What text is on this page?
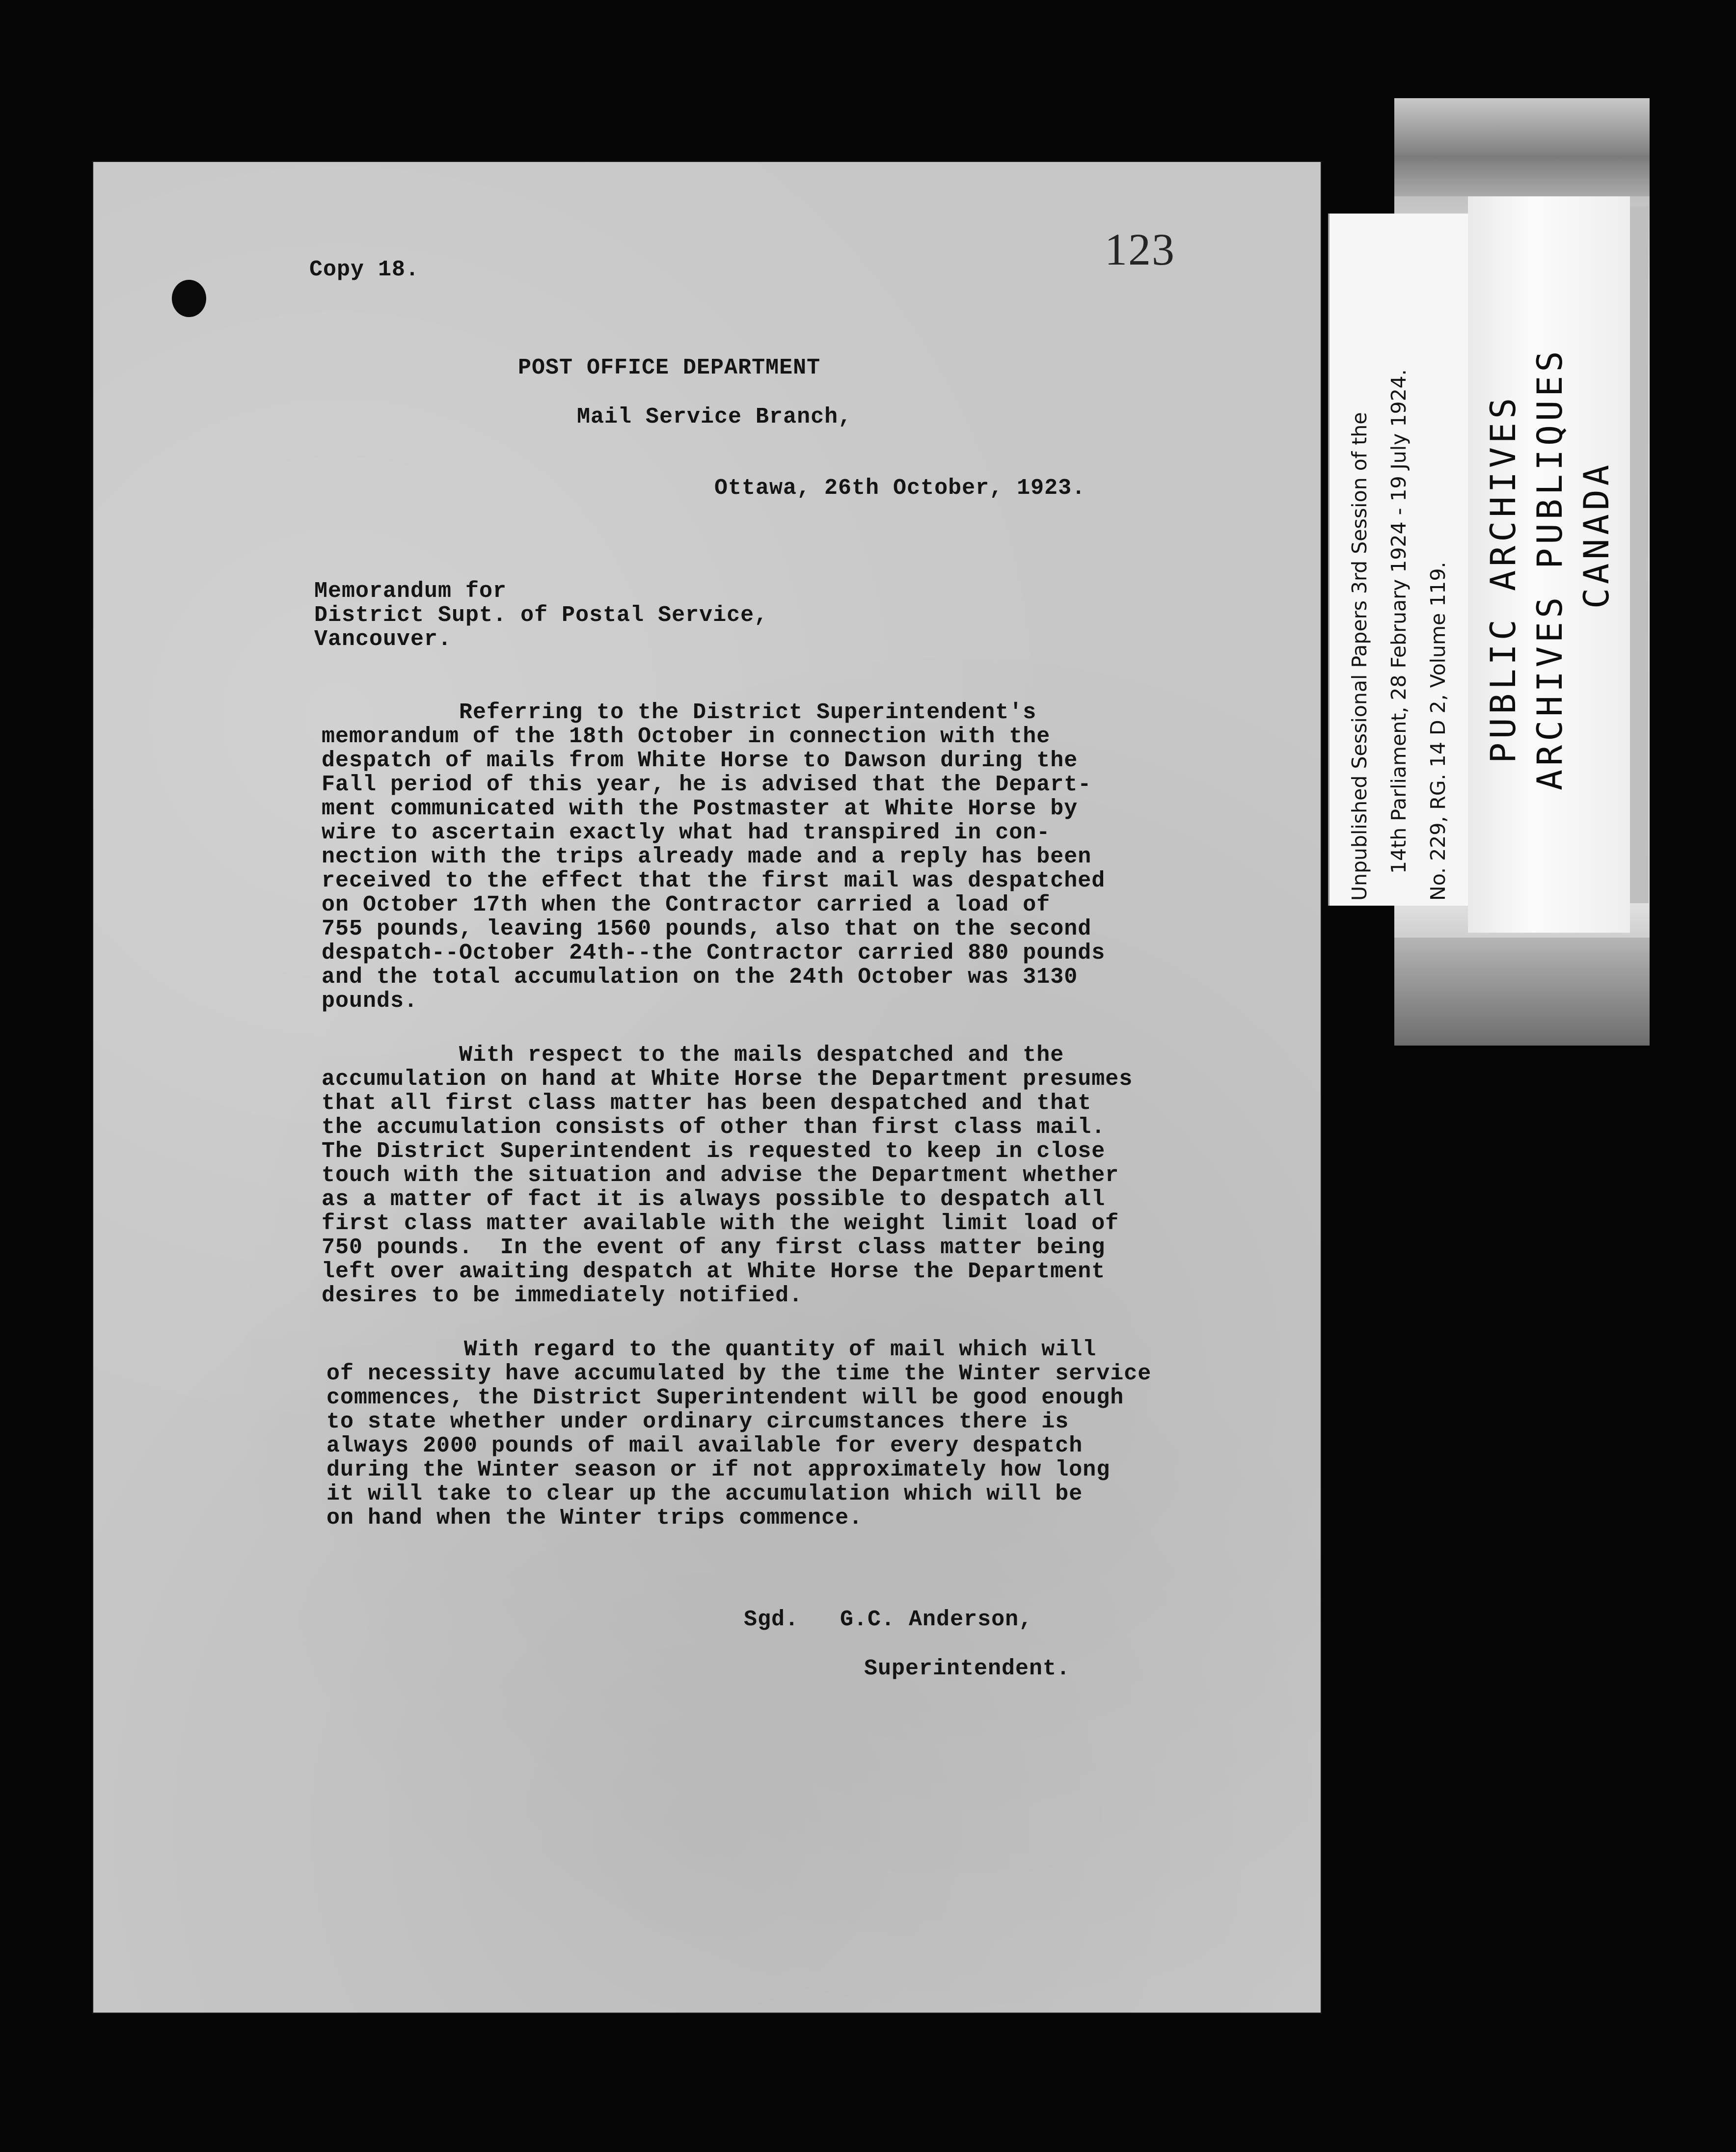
Copy 18.	123
POST OFFICE DEPARTMENT
Mail Service Branch,
Ottawa, 26th October, 1923.
Memorandum for
District Supt. of Postal Service,
Vancouver.
Referring to the District Superintendent's
memorandum of the 18th October in connection with the
despatch of mails from White Horse to Dawson during the
Fall period of this year, he is advised that the Depart-
ment communicated with the Postmaster at White Horse by
wire to ascertain exactly what had transpired in con-
nection with the trips already made and a reply has been
received to the effect that the first mail was despatched
on October 17th when the Contractor carried a load of
755 pounds, leaving 1560 pounds, also that on the second
despatch--October 24th--the Contractor carried 880 pounds
and the total accumulation on the 24th October was 3130
pounds.
With respect to the mails despatched and the
accumulation on hand at White Horse the Department presumes
that all first class matter has been despatched and that
the accumulation consists of other than first class mail.
The District Superintendent is requested to keep in close
touch with the situation and advise the Department whether
as a matter of fact it is always possible to despatch all
first class matter available with the weight limit load of
750 pounds.  In the event of any first class matter being
left over awaiting despatch at White Horse the Department
desires to be immediately notified.
With regard to the quantity of mail which will
of necessity have accumulated by the time the Winter service
commences, the District Superintendent will be good enough
to state whether under ordinary circumstances there is
always 2000 pounds of mail available for every despatch
during the Winter season or if not approximately how long
it will take to clear up the accumulation which will be
on hand when the Winter trips commence.
Sgd.   G.C. Anderson,
Superintendent.
Unpublished Sessional Papers 3rd Session of the 14th Parliament, 28 February 1924 - 19 July 1924. No. 229, RG. 14 D 2, Volume 119. PUBLIC ARCHIVES ARCHIVES PUBLIQUES CANADA
